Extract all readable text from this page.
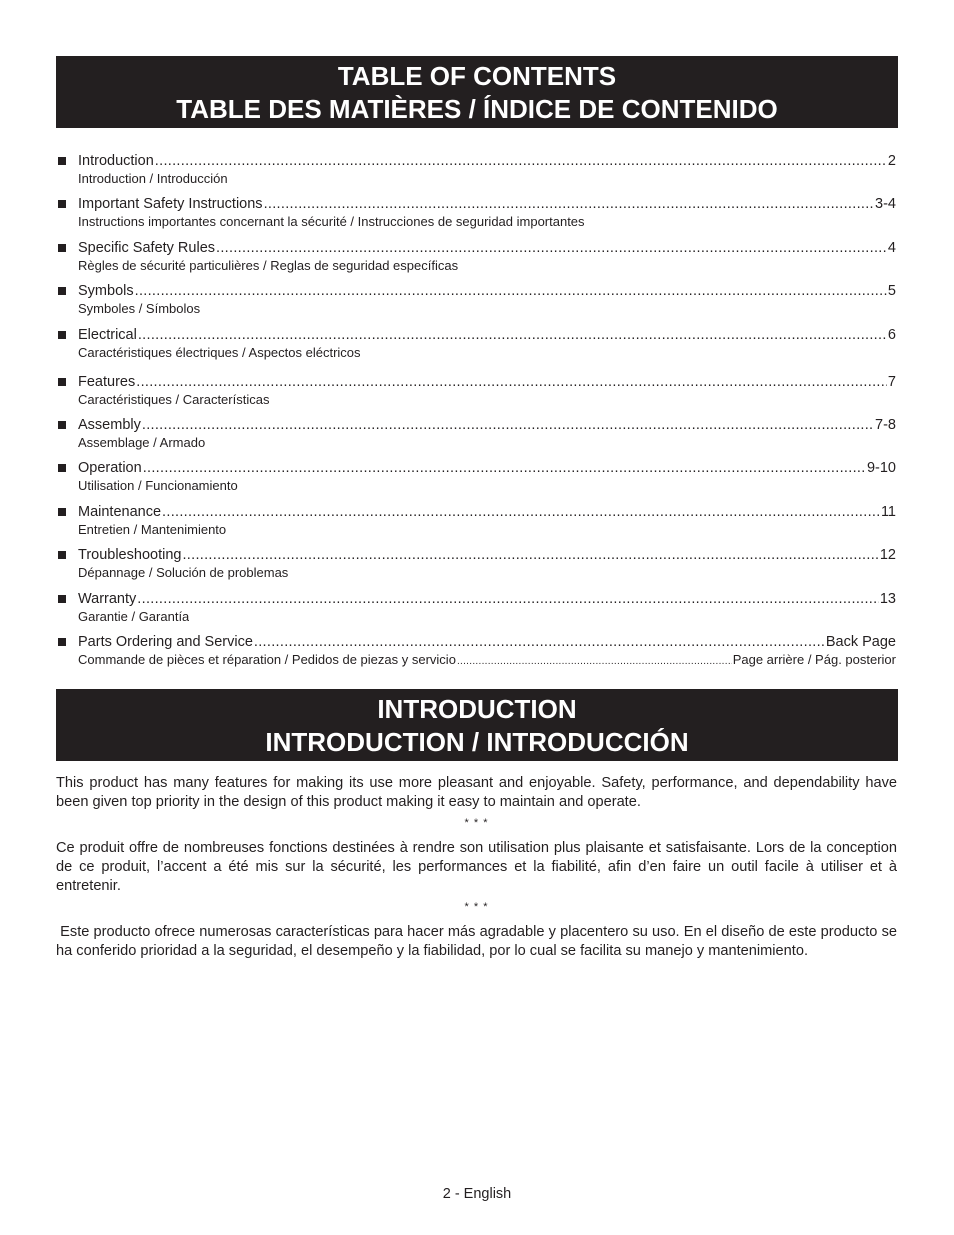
TABLE OF CONTENTS
TABLE DES MATIÈRES / ÍNDICE DE CONTENIDO
Introduction .....	2
Introduction / Introducción
Important Safety Instructions .....	3-4
Instructions importantes concernant la sécurité / Instrucciones de seguridad importantes
Specific Safety Rules .....	4
Règles de sécurité particulières / Reglas de seguridad específicas
Symbols .....	5
Symboles / Símbolos
Electrical .....	6
Caractéristiques électriques / Aspectos eléctricos
Features .....	7
Caractéristiques / Características
Assembly .....	7-8
Assemblage / Armado
Operation .....	9-10
Utilisation / Funcionamiento
Maintenance .....	11
Entretien / Mantenimiento
Troubleshooting .....	12
Dépannage / Solución de problemas
Warranty .....	13
Garantie / Garantía
Parts Ordering and Service .....	Back Page
Commande de pièces et réparation / Pedidos de piezas y servicio .....	Page arrière / Pág. posterior
INTRODUCTION
INTRODUCTION / INTRODUCCIÓN

This product has many features for making its use more pleasant and enjoyable. Safety, performance, and dependability have been given top priority in the design of this product making it easy to maintain and operate.

* * *

Ce produit offre de nombreuses fonctions destinées à rendre son utilisation plus plaisante et satisfaisante. Lors de la conception de ce produit, l’accent a été mis sur la sécurité, les performances et la fiabilité, afin d’en faire un outil facile à utiliser et à entretenir.

* * *

Este producto ofrece numerosas características para hacer más agradable y placentero su uso. En el diseño de este producto se ha conferido prioridad a la seguridad, el desempeño y la fiabilidad, por lo cual se facilita su manejo y mantenimiento.

2 - English
